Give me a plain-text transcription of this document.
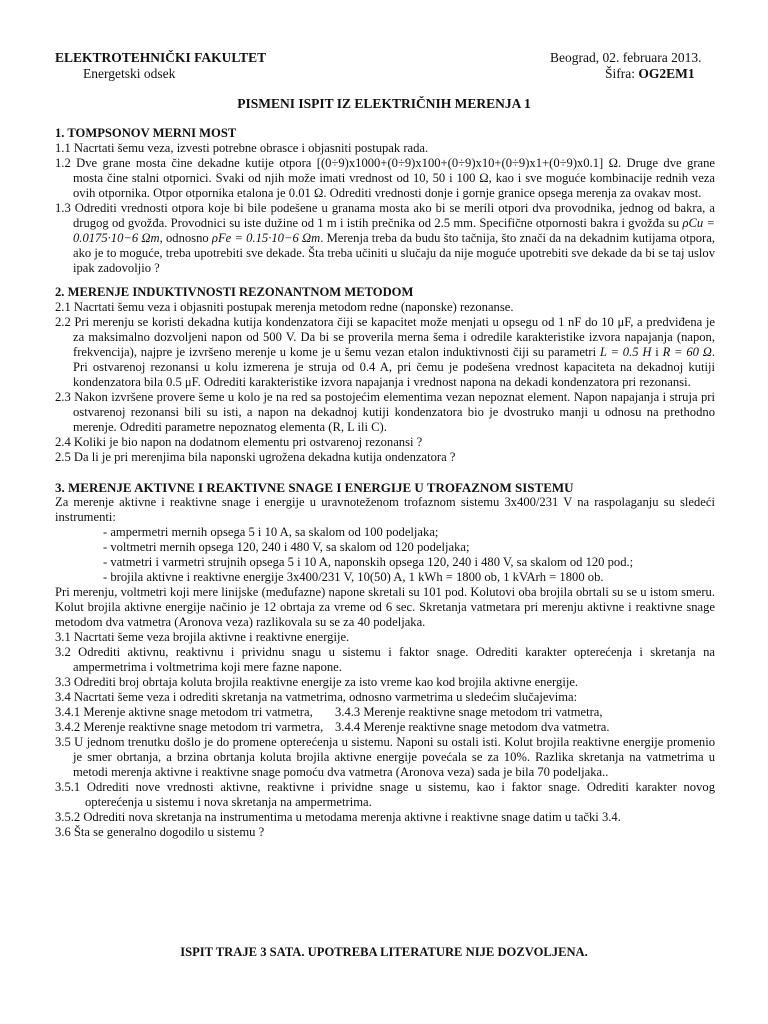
ELEKTROTEHNIČKI FAKULTET
Energetski odsek
Beograd, 02. februara 2013.
Šifra: OG2EM1
PISMENI ISPIT IZ ELEKTRIČNIH MERENJA 1
1. TOMPSONOV MERNI MOST
1.1 Nacrtati šemu veza, izvesti potrebne obrasce i objasniti postupak rada.
1.2 Dve grane mosta čine dekadne kutije otpora [(0÷9)x1000+(0÷9)x100+(0÷9)x10+(0÷9)x1+(0÷9)x0.1] Ω. Druge dve grane mosta čine stalni otpornici. Svaki od njih može imati vrednost od 10, 50 i 100 Ω, kao i sve moguće kombinacije rednih veza ovih otpornika. Otpor otpornika etalona je 0.01 Ω. Odrediti vrednosti donje i gornje granice opsega merenja za ovakav most.
1.3 Odrediti vrednosti otpora koje bi bile podešene u granama mosta ako bi se merili otpori dva provodnika, jednog od bakra, a drugog od gvožđa. Provodnici su iste dužine od 1 m i istih prečnika od 2.5 mm. Specifične otpornosti bakra i gvožđa su ρCu = 0.0175·10−6 Ωm, odnosno ρFe = 0.15·10−6 Ωm. Merenja treba da budu što tačnija, što znači da na dekadnim kutijama otpora, ako je to moguće, treba upotrebiti sve dekade. Šta treba učiniti u slučaju da nije moguće upotrebiti sve dekade da bi se taj uslov ipak zadovoljio ?
2. MERENJE INDUKTIVNOSTI REZONANTNOM METODOM
2.1 Nacrtati šemu veza i objasniti postupak merenja metodom redne (naponske) rezonanse.
2.2 Pri merenju se koristi dekadna kutija kondenzatora čiji se kapacitet može menjati u opsegu od 1 nF do 10 μF, a predviđena je za maksimalno dozvoljeni napon od 500 V. Da bi se proverila merna šema i odredile karakteristike izvora napajanja (napon, frekvencija), najpre je izvršeno merenje u kome je u šemu vezan etalon induktivnosti čiji su parametri L = 0.5 H i R = 60 Ω. Pri ostvarenoj rezonansi u kolu izmerena je struja od 0.4 A, pri čemu je podešena vrednost kapaciteta na dekadnoj kutiji kondenzatora bila 0.5 μF. Odrediti karakteristike izvora napajanja i vrednost napona na dekadi kondenzatora pri rezonansi.
2.3 Nakon izvršene provere šeme u kolo je na red sa postojećim elementima vezan nepoznat element. Napon napajanja i struja pri ostvarenoj rezonansi bili su isti, a napon na dekadnoj kutiji kondenzatora bio je dvostruko manji u odnosu na prethodno merenje. Odrediti parametre nepoznatog elementa (R, L ili C).
2.4 Koliki je bio napon na dodatnom elementu pri ostvarenoj rezonansi ?
2.5 Da li je pri merenjima bila naponski ugrožena dekadna kutija ondenzatora ?
3. MERENJE AKTIVNE I REAKTIVNE SNAGE I ENERGIJE U TROFAZNOM SISTEMU
Za merenje aktivne i reaktivne snage i energije u uravnoteženom trofaznom sistemu 3x400/231 V na raspolaganju su sledeći instrumenti:
- ampermetri mernih opsega 5 i 10 A, sa skalom od 100 podeljaka;
- voltmetri mernih opsega 120, 240 i 480 V, sa skalom od 120 podeljaka;
- vatmetri i varmetri strujnih opsega 5 i 10 A, naponskih opsega 120, 240 i 480 V, sa skalom od 120 pod.;
- brojila aktivne i reaktivne energije 3x400/231 V, 10(50) A, 1 kWh = 1800 ob, 1 kVArh = 1800 ob.
Pri merenju, voltmetri koji mere linijske (međufazne) napone skretali su 101 pod. Kolutovi oba brojila obrtali su se u istom smeru. Kolut brojila aktivne energije načinio je 12 obrtaja za vreme od 6 sec. Skretanja vatmetara pri merenju aktivne i reaktivne snage metodom dva vatmetra (Aronova veza) razlikovala su se za 40 podeljaka.
3.1 Nacrtati šeme veza brojila aktivne i reaktivne energije.
3.2 Odrediti aktivnu, reaktivnu i prividnu snagu u sistemu i faktor snage. Odrediti karakter opterećenja i skretanja na ampermetrima i voltmetrima koji mere fazne napone.
3.3 Odrediti broj obrtaja koluta brojila reaktivne energije za isto vreme kao kod brojila aktivne energije.
3.4 Nacrtati šeme veza i odrediti skretanja na vatmetrima, odnosno varmetrima u sledećim slučajevima:
3.4.1 Merenje aktivne snage metodom tri vatmetra,	3.4.3 Merenje reaktivne snage metodom tri vatmetra,
3.4.2 Merenje reaktivne snage metodom tri varmetra, 3.4.4 Merenje reaktivne snage metodom dva vatmetra.
3.5 U jednom trenutku došlo je do promene opterećenja u sistemu. Naponi su ostali isti. Kolut brojila reaktivne energije promenio je smer obrtanja, a brzina obrtanja koluta brojila aktivne energije povećala se za 10%. Razlika skretanja na vatmetrima u metodi merenja aktivne i reaktivne snage pomoću dva vatmetra (Aronova veza) sada je bila 70 podeljaka..
3.5.1 Odrediti nove vrednosti aktivne, reaktivne i prividne snage u sistemu, kao i faktor snage. Odrediti karakter novog opterećenja u sistemu i nova skretanja na ampermetrima.
3.5.2 Odrediti nova skretanja na instrumentima u metodama merenja aktivne i reaktivne snage datim u tački 3.4.
3.6 Šta se generalno dogodilo u sistemu ?
ISPIT TRAJE 3 SATA. UPOTREBA LITERATURE NIJE DOZVOLJENA.
